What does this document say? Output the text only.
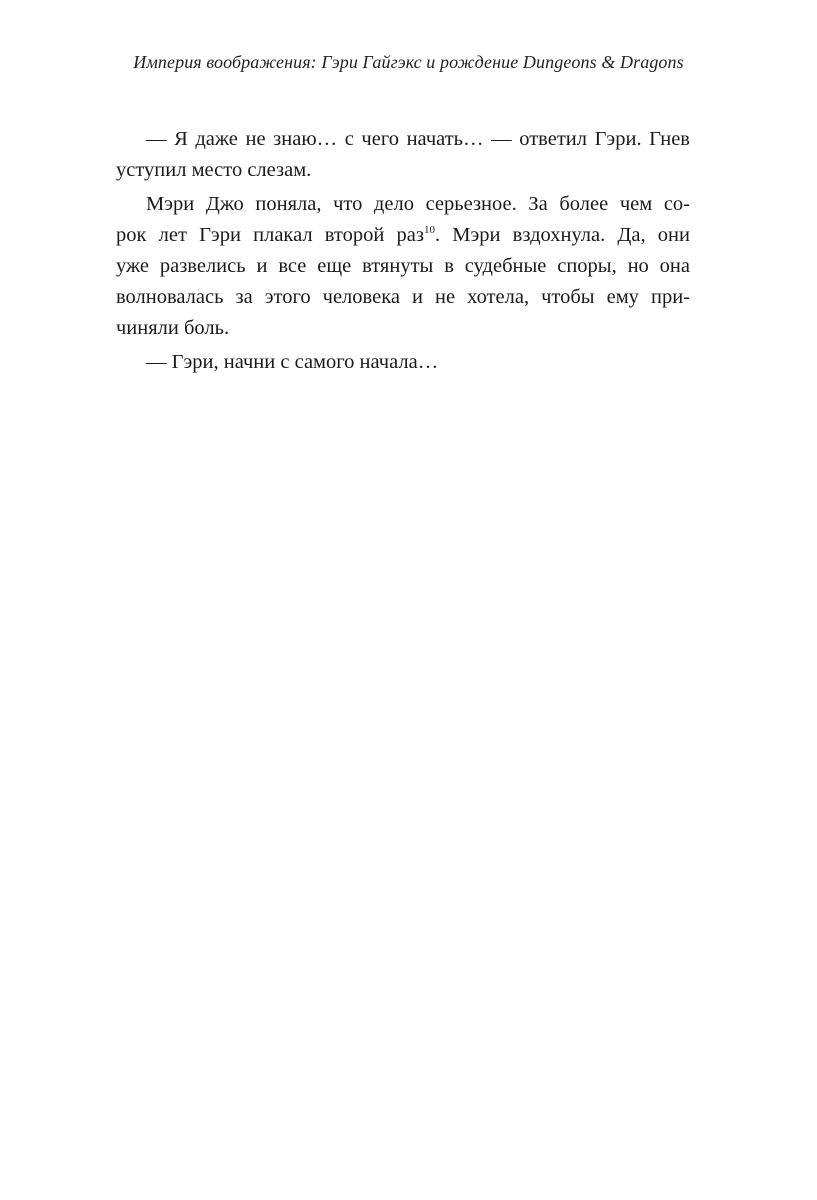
Империя воображения: Гэри Гайгэкс и рождение Dungeons & Dragons
— Я даже не знаю… с чего начать… — ответил Гэри. Гнев
уступил место слезам.
Мэри Джо поняла, что дело серьезное. За более чем со-
рок лет Гэри плакал второй раз$^{10}$. Мэри вздохнула. Да, они
уже развелись и все еще втянуты в судебные споры, но она
волновалась за этого человека и не хотела, чтобы ему при-
чиняли боль.
— Гэри, начни с самого начала…
